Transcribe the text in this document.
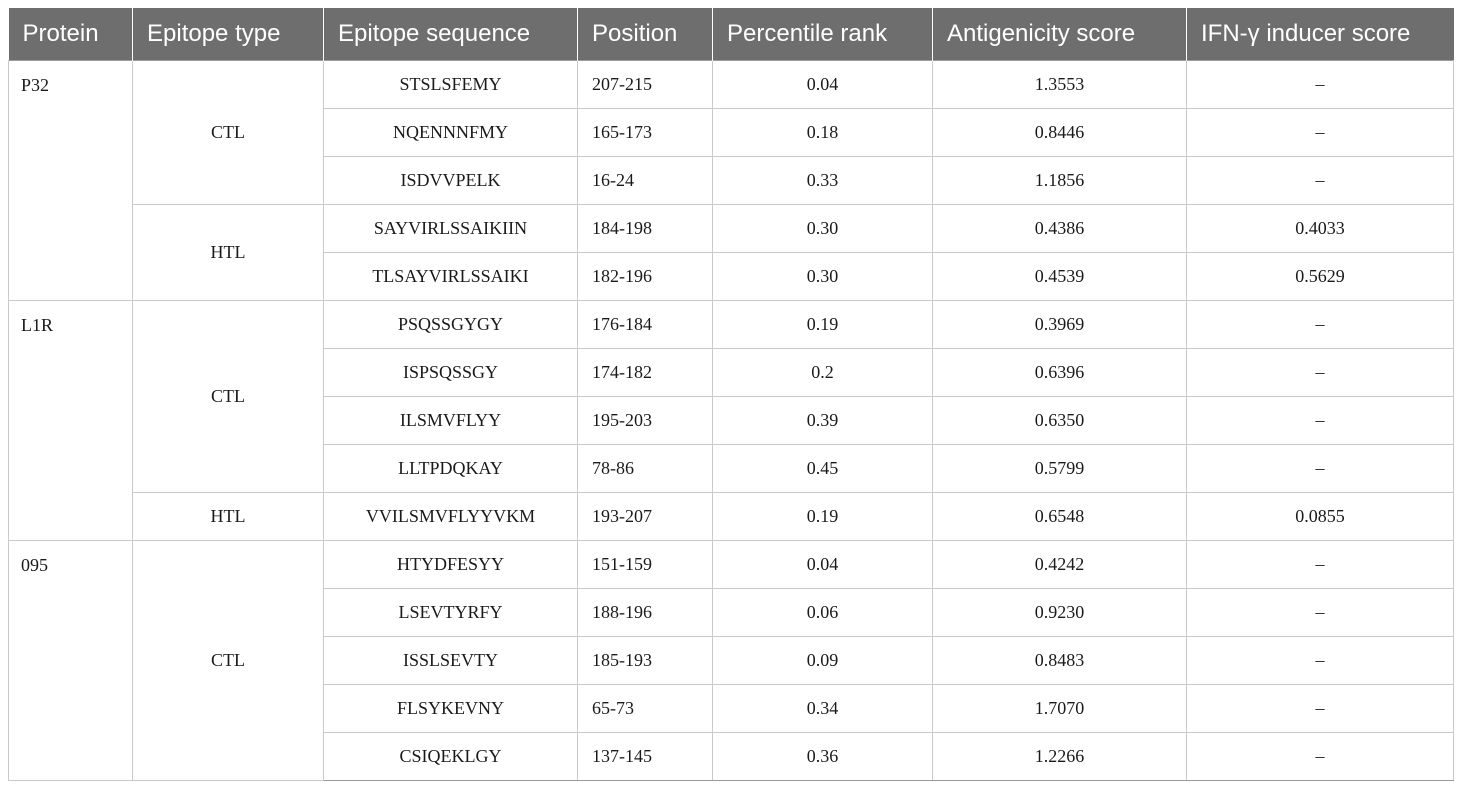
Protein	Epitope type	Epitope sequence	Position	Percentile rank	Antigenicity score	IFN-γ inducer score
P32	CTL	STSLSFEMY	207-215	0.04	1.3553	–
		NQENNNFMY	165-173	0.18	0.8446	–
		ISDVVPELK	16-24	0.33	1.1856	–
	HTL	SAYVIRLSSAIKIIN	184-198	0.30	0.4386	0.4033
		TLSAYVIRLSSAIKI	182-196	0.30	0.4539	0.5629
L1R	CTL	PSQSSGYGY	176-184	0.19	0.3969	–
		ISPSQSSGY	174-182	0.2	0.6396	–
		ILSMVFLYY	195-203	0.39	0.6350	–
		LLTPDQKAY	78-86	0.45	0.5799	–
	HTL	VVILSMVFLYYVKM	193-207	0.19	0.6548	0.0855
095	CTL	HTYDFESYY	151-159	0.04	0.4242	–
		LSEVTYRFY	188-196	0.06	0.9230	–
		ISSLSEVTY	185-193	0.09	0.8483	–
		FLSYKEVNY	65-73	0.34	1.7070	–
		CSIQEKLGY	137-145	0.36	1.2266	–
